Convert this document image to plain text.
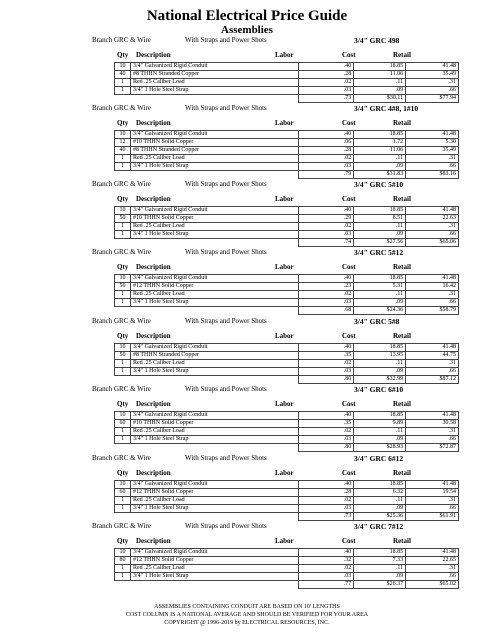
National Electrical Price Guide
Assemblies
Branch GRC & Wire	With Straps and Power Shots	3/4" GRC 498
Qty Description	Labor	Cost	Retail
10	3/4" Galvanized Rigid Conduit	.40	18.85	41.48
40	#8 THHN Stranded Copper	.28	11.06	35.49
1	Red .25 Caliber Load	.02	.11	.31
1	3/4" 1 Hole Steel Strap	.03	.09	.66
		.73	$30.11	$77.94
Branch GRC & Wire	With Straps and Power Shots	3/4" GRC 4#8, 1#10
Qty Description	Labor	Cost	Retail
10	3/4" Galvanized Rigid Conduit	.40	18.85	41.48
12	#10 THHN Solid Copper	.06	1.72	5.30
40	#8 THHN Stranded Copper	.28	11.06	35.49
1	Red .25 Caliber Load	.02	.11	.31
1	3/4" 1 Hole Steel Strap	.03	.09	.66
		.79	$31.83	$83.16
Branch GRC & Wire	With Straps and Power Shots	3/4" GRC 5#10
Qty Description	Labor	Cost	Retail
10	3/4" Galvanized Rigid Conduit	.40	18.85	41.48
50	#10 THHN Solid Copper	.29	8.51	22.63
1	Red .25 Caliber Load	.02	.11	.31
1	3/4" 1 Hole Steel Strap	.03	.09	.66
		.74	$27.56	$65.06
Branch GRC & Wire	With Straps and Power Shots	3/4" GRC 5#12
Qty Description	Labor	Cost	Retail
10	3/4" Galvanized Rigid Conduit	.40	18.85	41.48
50	#12 THHN Solid Copper	.23	5.31	16.42
1	Red .25 Caliber Load	.02	.11	.31
1	3/4" 1 Hole Steel Strap	.03	.09	.66
		.68	$24.36	$58.79
Branch GRC & Wire	With Straps and Power Shots	3/4" GRC 5#8
Qty Description	Labor	Cost	Retail
10	3/4" Galvanized Rigid Conduit	.40	18.85	41.48
50	#8 THHN Stranded Copper	.35	13.95	44.75
1	Red .25 Caliber Load	.02	.11	.31
1	3/4" 1 Hole Steel Strap	.03	.09	.66
		.80	$32.99	$87.12
Branch GRC & Wire	With Straps and Power Shots	3/4" GRC 6#10
Qty Description	Labor	Cost	Retail
10	3/4" Galvanized Rigid Conduit	.40	18.85	41.48
60	#10 THHN Solid Copper	.35	9.89	30.58
1	Red .25 Caliber Load	.02	.11	.31
1	3/4" 1 Hole Steel Strap	.03	.09	.66
		.80	$28.93	$72.87
Branch GRC & Wire	With Straps and Power Shots	3/4" GRC 6#12
Qty Description	Labor	Cost	Retail
10	3/4" Galvanized Rigid Conduit	.40	18.85	41.48
60	#12 THHN Solid Copper	.28	6.32	19.54
1	Red .25 Caliber Load	.02	.11	.31
1	3/4" 1 Hole Steel Strap	.03	.09	.66
		.73	$25.36	$61.91
Branch GRC & Wire	With Straps and Power Shots	3/4" GRC 7#12
Qty Description	Labor	Cost	Retail
10	3/4" Galvanized Rigid Conduit	.40	18.85	41.48
80	#12 THHN Solid Copper	.32	7.33	22.65
1	Red .25 Caliber Load	.02	.11	.31
1	3/4" 1 Hole Steel Strap	.03	.09	.66
		.77	$26.37	$65.02
ASSEMBLIES CONTAINING CONDUIT ARE BASED ON 10' LENGTHS
COST COLUMN IS A NATIONAL AVERAGE AND SHOULD BE VERIFIED FOR YOUR AREA
COPYRIGHT @ 1996-2019 by ELECTRICAL RESOURCES, INC.
